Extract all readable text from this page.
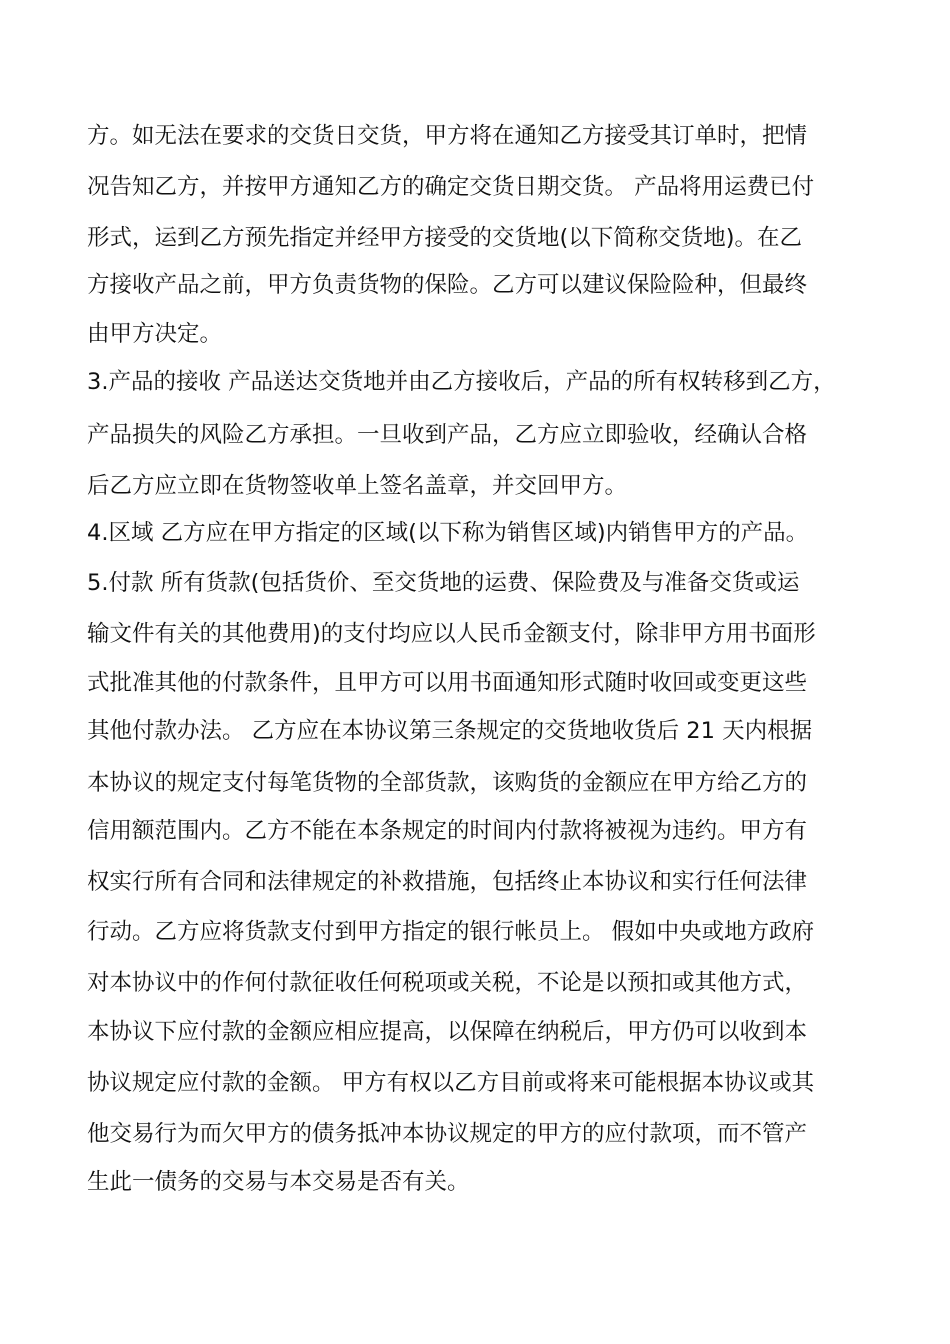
方。如无法在要求的交货日交货，甲方将在通知乙方接受其订单时，把情
况告知乙方，并按甲方通知乙方的确定交货日期交货。 产品将用运费已付
形式，运到乙方预先指定并经甲方接受的交货地(以下简称交货地)。在乙
方接收产品之前，甲方负责货物的保险。乙方可以建议保险险种，但最终
由甲方决定。
3.产品的接收 产品送达交货地并由乙方接收后，产品的所有权转移到乙方，
产品损失的风险乙方承担。一旦收到产品，乙方应立即验收，经确认合格
后乙方应立即在货物签收单上签名盖章，并交回甲方。
4.区域 乙方应在甲方指定的区域(以下称为销售区域)内销售甲方的产品。
5.付款 所有货款(包括货价、至交货地的运费、保险费及与准备交货或运
输文件有关的其他费用)的支付均应以人民币金额支付，除非甲方用书面形
式批准其他的付款条件，且甲方可以用书面通知形式随时收回或变更这些
其他付款办法。 乙方应在本协议第三条规定的交货地收货后 21 天内根据
本协议的规定支付每笔货物的全部货款，该购货的金额应在甲方给乙方的
信用额范围内。乙方不能在本条规定的时间内付款将被视为违约。甲方有
权实行所有合同和法律规定的补救措施，包括终止本协议和实行任何法律
行动。乙方应将货款支付到甲方指定的银行帐员上。 假如中央或地方政府
对本协议中的作何付款征收任何税项或关税，不论是以预扣或其他方式，
本协议下应付款的金额应相应提高，以保障在纳税后，甲方仍可以收到本
协议规定应付款的金额。 甲方有权以乙方目前或将来可能根据本协议或其
他交易行为而欠甲方的债务抵冲本协议规定的甲方的应付款项，而不管产
生此一债务的交易与本交易是否有关。
